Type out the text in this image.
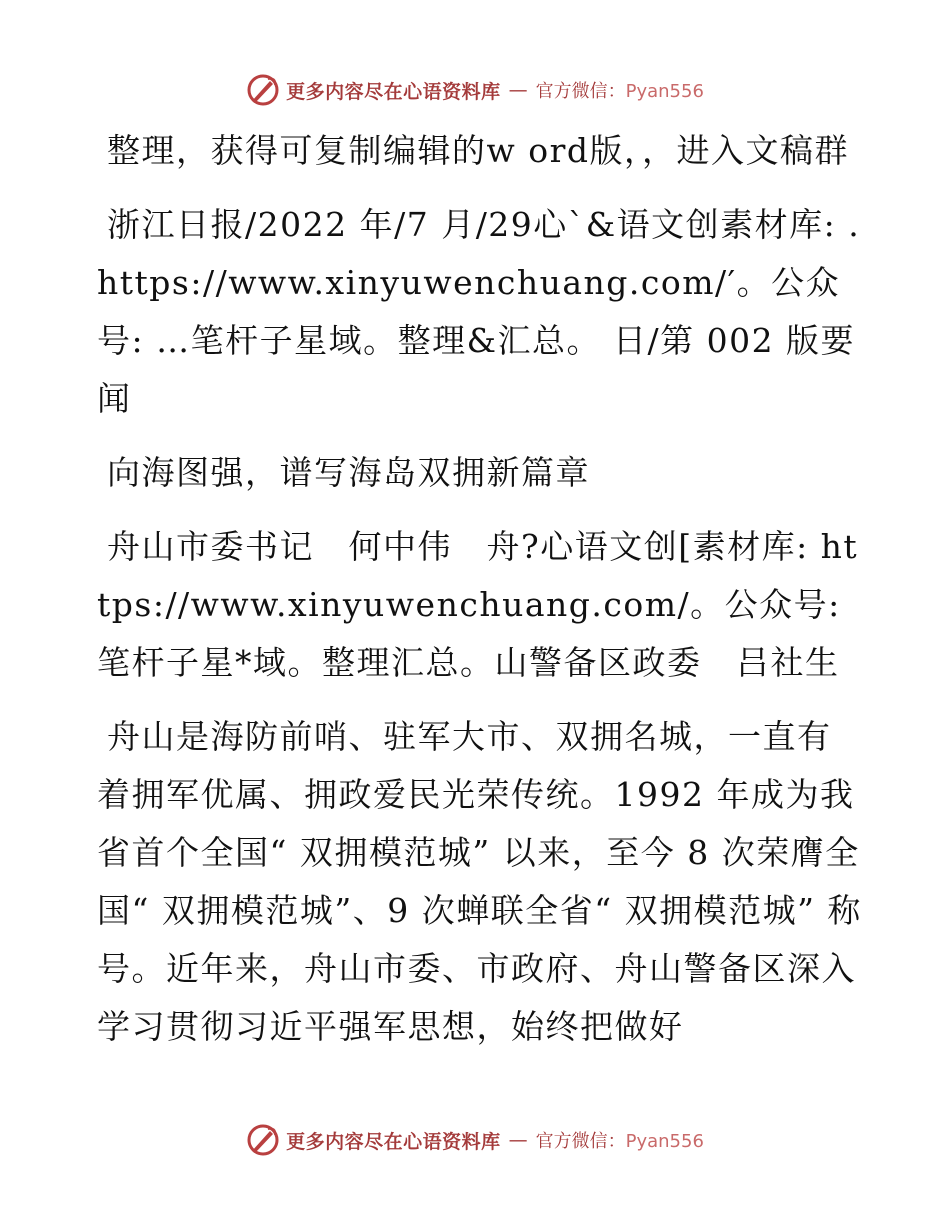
更多内容尽在心语资料库 — 官方微信：Pyan556

整理，获得可复制编辑的w ord版，，进入文稿群

浙江日报/2022 年/7 月/29心`&语文创素材库: .https://www.xinyuwenchuang.com/′。公众号: …笔杆子星域。整理&汇总。 日/第 002 版要闻

向海图强，谱写海岛双拥新篇章

舟山市委书记　何中伟　舟?心语文创[素材库: https://www.xinyuwenchuang.com/。公众号: 笔杆子星*域。整理汇总。山警备区政委　吕社生

舟山是海防前哨、驻军大市、双拥名城，一直有着拥军优属、拥政爱民光荣传统。1992 年成为我省首个全国“ 双拥模范城” 以来，至今 8 次荣膺全国“ 双拥模范城”、9 次蝉联全省“ 双拥模范城” 称号。近年来，舟山市委、市政府、舟山警备区深入学习贯彻习近平强军思想，始终把做好

更多内容尽在心语资料库 — 官方微信：Pyan556
